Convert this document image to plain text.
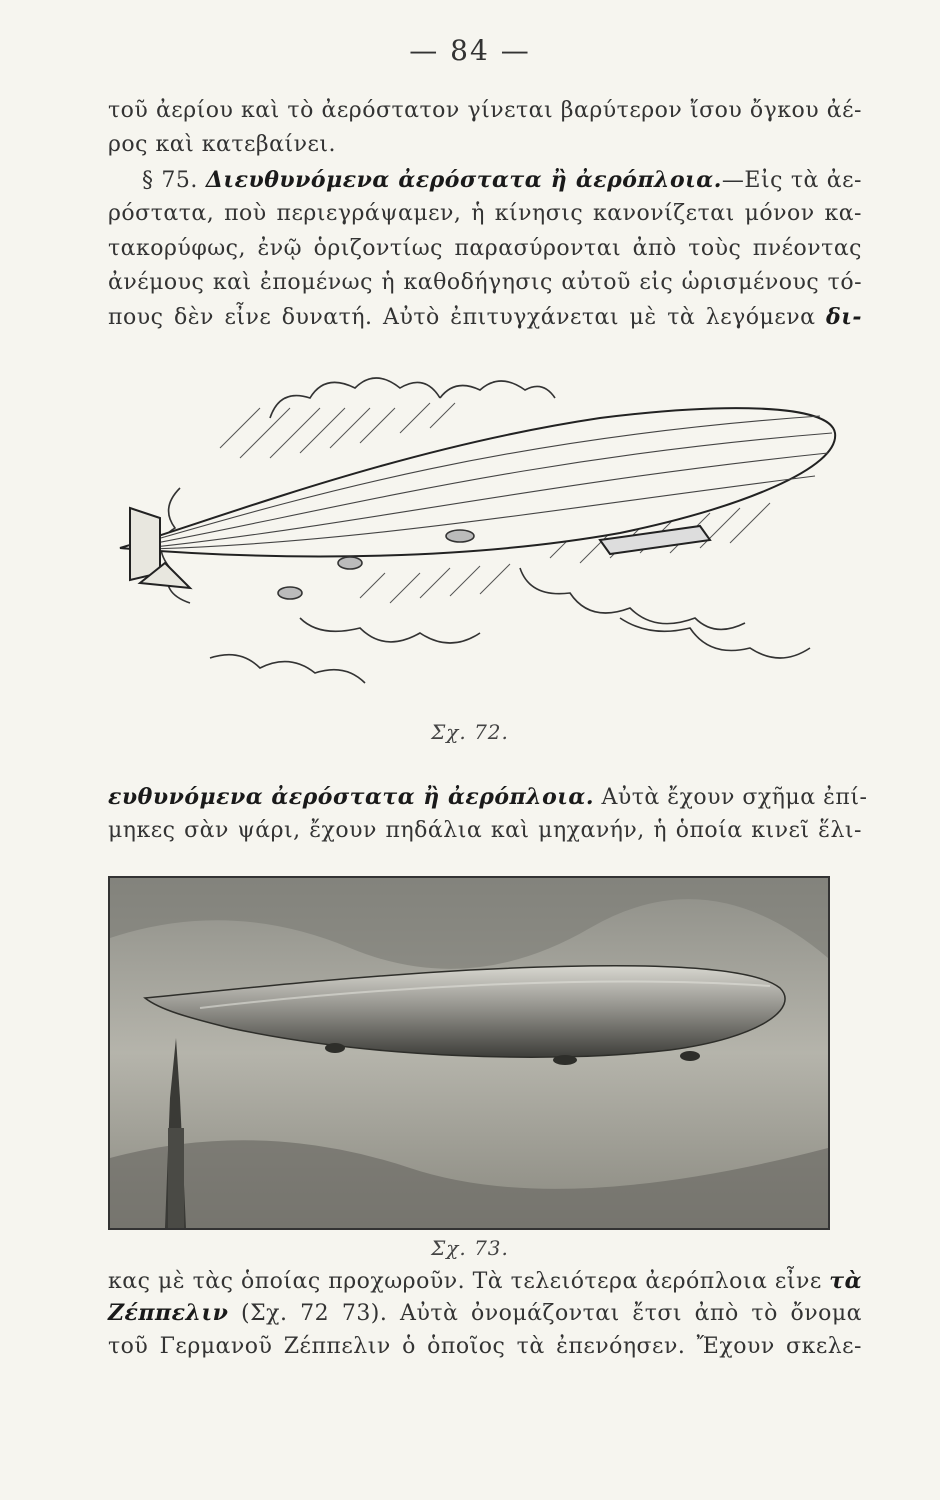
— 84 —
τοῦ ἀερίου καὶ τὸ ἀερόστατον γίνεται βαρύτερον ἴσου ὄγκου ἀέ-
ρος καὶ κατεβαίνει.
§ 75. Διευθυνόμενα ἀερόστατα ἢ ἀερόπλοια.—Εἰς τὰ ἀε-
ρόστατα, ποὺ περιεγράψαμεν, ἡ κίνησις κανονίζεται μόνον κα-
τακορύφως, ἐνῷ ὁριζοντίως παρασύρονται ἀπὸ τοὺς πνέοντας
ἀνέμους καὶ ἐπομένως ἡ καθοδήγησις αὐτοῦ εἰς ὡρισμένους τό-
πους δὲν εἶνε δυνατή. Αὐτὸ ἐπιτυγχάνεται μὲ τὰ λεγόμενα δι-
Σχ. 72.
ευθυνόμενα ἀερόστατα ἢ ἀερόπλοια. Αὐτὰ ἔχουν σχῆμα ἐπί-
μηκες σὰν ψάρι, ἔχουν πηδάλια καὶ μηχανήν, ἡ ὁποία κινεῖ ἕλι-
Σχ. 73.
κας μὲ τὰς ὁποίας προχωροῦν. Τὰ τελειότερα ἀερόπλοια εἶνε τὰ
Ζέππελιν (Σχ. 72 73). Αὐτὰ ὀνομάζονται ἔτσι ἀπὸ τὸ ὄνομα
τοῦ Γερμανοῦ Ζέππελιν ὁ ὁποῖος τὰ ἐπενόησεν. Ἔχουν σκελε-
